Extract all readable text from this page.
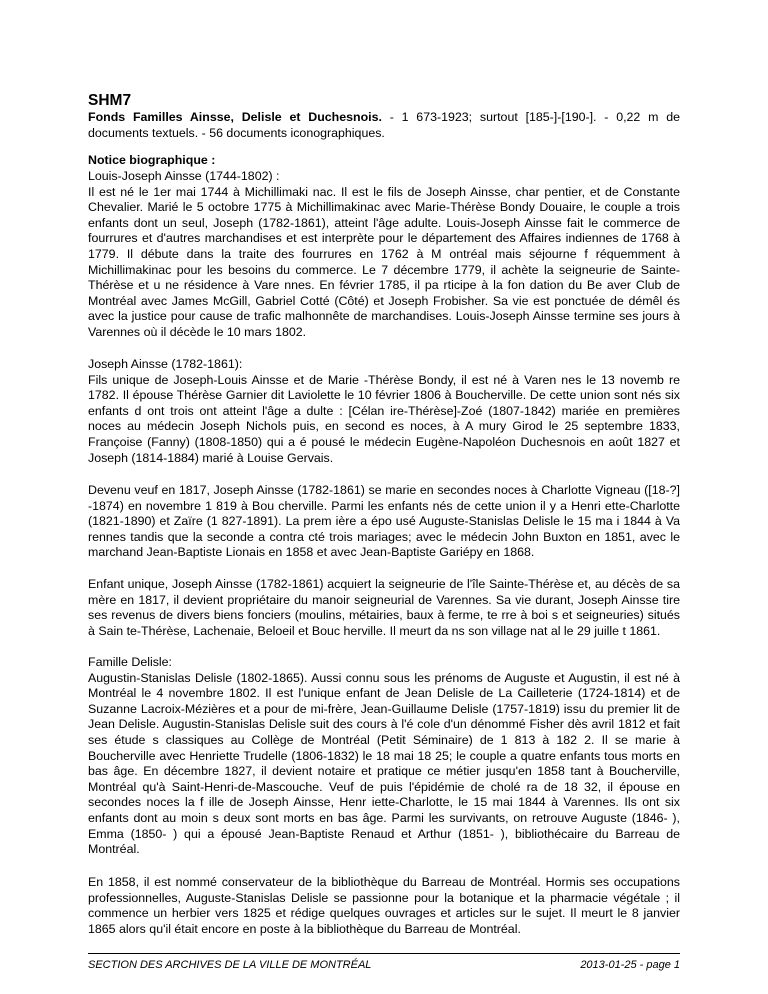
SHM7

Fonds Familles Ainsse, Delisle et Duchesnois. - 1 673-1923; surtout [185-]-[190-]. - 0,22 m de documents textuels. - 56 documents iconographiques.

Notice biographique :

Louis-Joseph Ainsse (1744-1802) :
Il est né le 1er mai 1744 à Michillimaki nac. Il est le fils de Joseph Ainsse, char pentier, et de Constante Chevalier. Marié le 5 octobre 1775 à Michillimakinac avec Marie-Thérèse Bondy Douaire, le couple a trois enfants dont un seul, Joseph (1782-1861), atteint l'âge adulte. Louis-Joseph Ainsse fait le commerce de fourrures et d'autres marchandises et est interprète pour le département des Affaires indiennes de 1768 à 1779. Il débute dans la traite des fourrures en 1762 à M ontréal mais séjourne f réquemment à Michillimakinac pour les besoins du commerce. Le 7 décembre 1779, il achète la seigneurie de Sainte-Thérèse et u ne résidence à Vare nnes. En février 1785, il pa rticipe à la fon dation du Be aver Club de Montréal avec James McGill, Gabriel Cotté (Côté) et Joseph Frobisher. Sa vie est ponctuée de démêl és avec la justice pour cause de trafic malhonnête de marchandises. Louis-Joseph Ainsse termine ses jours à Varennes où il décède le 10 mars 1802.

Joseph Ainsse (1782-1861):
Fils unique de Joseph-Louis Ainsse et de Marie -Thérèse Bondy, il est né à Varen nes le 13 novemb re 1782. Il épouse Thérèse Garnier dit Laviolette le 10 février 1806 à Boucherville. De cette union sont nés six enfants d ont trois ont atteint l'âge a dulte : [Célan ire-Thérèse]-Zoé (1807-1842) mariée en premières noces au médecin Joseph Nichols puis, en second es noces, à A mury Girod le 25 septembre 1833, Françoise (Fanny) (1808-1850) qui a é pousé le médecin Eugène-Napoléon Duchesnois en août 1827 et Joseph (1814-1884) marié à Louise Gervais.

Devenu veuf en 1817, Joseph Ainsse (1782-1861) se marie en secondes noces à Charlotte Vigneau ([18-?] -1874) en novembre 1 819 à Bou cherville. Parmi les enfants nés de cette union il y a Henri ette-Charlotte (1821-1890) et Zaïre (1 827-1891). La prem ière a épo usé Auguste-Stanislas Delisle le 15 ma i 1844 à Va rennes tandis que la seconde a contra cté trois mariages; avec le médecin John Buxton en 1851, avec le marchand Jean-Baptiste Lionais en 1858 et avec Jean-Baptiste Gariépy en 1868.

Enfant unique, Joseph Ainsse (1782-1861) acquiert la seigneurie de l'île Sainte-Thérèse et, au décès de sa mère en 1817, il devient propriétaire du manoir seigneurial de Varennes. Sa vie durant, Joseph Ainsse tire ses revenus de divers biens fonciers (moulins, métairies, baux à ferme, te rre à boi s et seigneuries) situés à Sain te-Thérèse, Lachenaie, Beloeil et Bouc herville. Il meurt da ns son village nat al le 29 juille t 1861.

Famille Delisle:
Augustin-Stanislas Delisle (1802-1865). Aussi connu sous les prénoms de Auguste et Augustin, il est né à Montréal le 4 novembre 1802. Il est l'unique enfant de Jean Delisle de La Cailleterie (1724-1814) et de Suzanne Lacroix-Mézières et a pour de mi-frère, Jean-Guillaume Delisle (1757-1819) issu du premier lit de Jean Delisle. Augustin-Stanislas Delisle suit des cours à l'é cole d'un dénommé Fisher dès avril 1812 et fait ses étude s classiques au Collège de Montréal (Petit Séminaire) de 1 813 à 182 2. Il se marie à Boucherville avec Henriette Trudelle (1806-1832) le 18 mai 18 25; le couple a quatre enfants tous morts en bas âge. En décembre 1827, il devient notaire et pratique ce métier jusqu'en 1858 tant à Boucherville, Montréal qu'à Saint-Henri-de-Mascouche. Veuf de puis l'épidémie de cholé ra de 18 32, il épouse en secondes noces la f ille de Joseph Ainsse, Henr iette-Charlotte, le 15 mai 1844 à Varennes. Ils ont six enfants dont au moin s deux sont morts en bas âge. Parmi les survivants, on retrouve Auguste (1846- ), Emma (1850- ) qui a épousé Jean-Baptiste Renaud et Arthur (1851- ), bibliothécaire du Barreau de Montréal.

En 1858, il est nommé conservateur de la bibliothèque du Barreau de Montréal. Hormis ses occupations professionnelles, Auguste-Stanislas Delisle se passionne pour la botanique et la pharmacie végétale ; il commence un herbier vers 1825 et rédige quelques ouvrages et articles sur le sujet. Il meurt le 8 janvier 1865 alors qu'il était encore en poste à la bibliothèque du Barreau de Montréal.

SECTION DES ARCHIVES DE LA VILLE DE MONTRÉAL	2013-01-25 - page 1
